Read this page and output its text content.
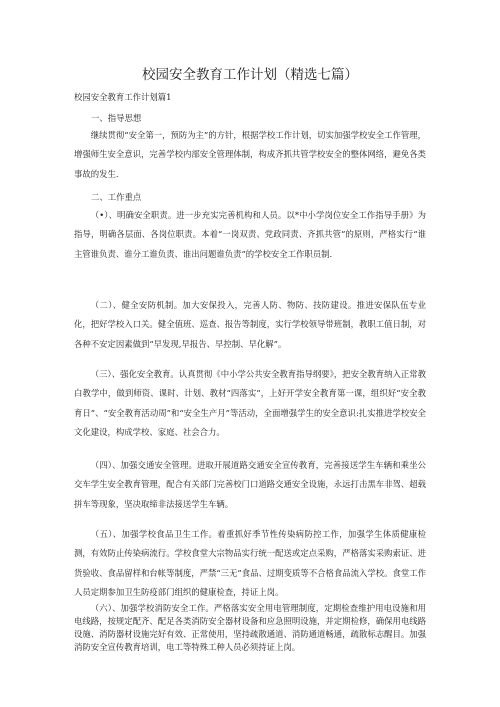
校园安全教育工作计划（精选七篇）

校园安全教育工作计划篇1

一、指导思想

继续贯彻“安全第一，预防为主”的方针，根据学校工作计划，切实加强学校安全工作管理，增强师生安全意识，完善学校内部安全管理体制，构成齐抓共管学校安全的整体网络，避免各类事故的发生.

二、工作重点

（•）、明确安全职责。进一步充实完善机构和人员。以*中小学岗位安全工作指导手册》为指导，明确各层面、各岗位职责。本着“一岗双责、党政同责、齐抓共管”的原则，严格实行“谁主管谁负责、谁分工谁负责、谁出问题谁负责”的学校安全工作职员制.

（二）、健全安防机制。加大安保投入，完善人防、物防、技防建设。推进安保队伍专业化，把好学校入口关。健全值班、巡查、报告等制度，实行学校领导带班制，教职工值日制，对各种不安定因素做到“早发现,早报告、早控制、早化解”。

（三）、强化安全教育。认真贯彻《中小学公共安全教育指导纲要》，把安全教育纳入正常教白教学中，做到师资、课时、计划、教材“四落实”，上好开学安全教育第一课，组织好“安全教育日”、“安全教育活动周”和“安全生产月”等活动，全面增强学生的安全意识:扎实推进学校安全文化建设，构成学校、家庭、社会合力。

（四）、加强交通安全管理。进取开展道路交通安全宣传教育，完善接送学生车辆和乘坐公交车学生安全教育管理，配合有关部门完善校门口道路交通安全设施，永远打击黑车非驾、超载拼车等现象，坚决取缔非法接送学生车辆。

（五）、加强学校食品卫生工作。着重抓好季节性传染病防控工作，加强学生体质健康检测，有效防止传染病流行。学校食堂大宗物品实行统一配送或定点采购，严格落实采购索证、进货验收、食品留样和台帐等制度，严禁“三无”食品、过期变质等不合格食品流入学校。食堂工作人员定期参加卫生防疫部门组织的健康检查，持证上岗。

（六）、加强学校消防安全工作。严格落实安全用电管理制度，定期检查维护用电设施和用电线路，按规定配齐、配足各类消防安全器材设备和应急照明设施，并定期检修，确保用电线路设施、消防器材设施完好有效、正常使用，坚持疏散通道、消防通道畅通，疏散标志醒目。加强消防安全宣传教育培训，电工等特殊工种人员必须持证上岗。
